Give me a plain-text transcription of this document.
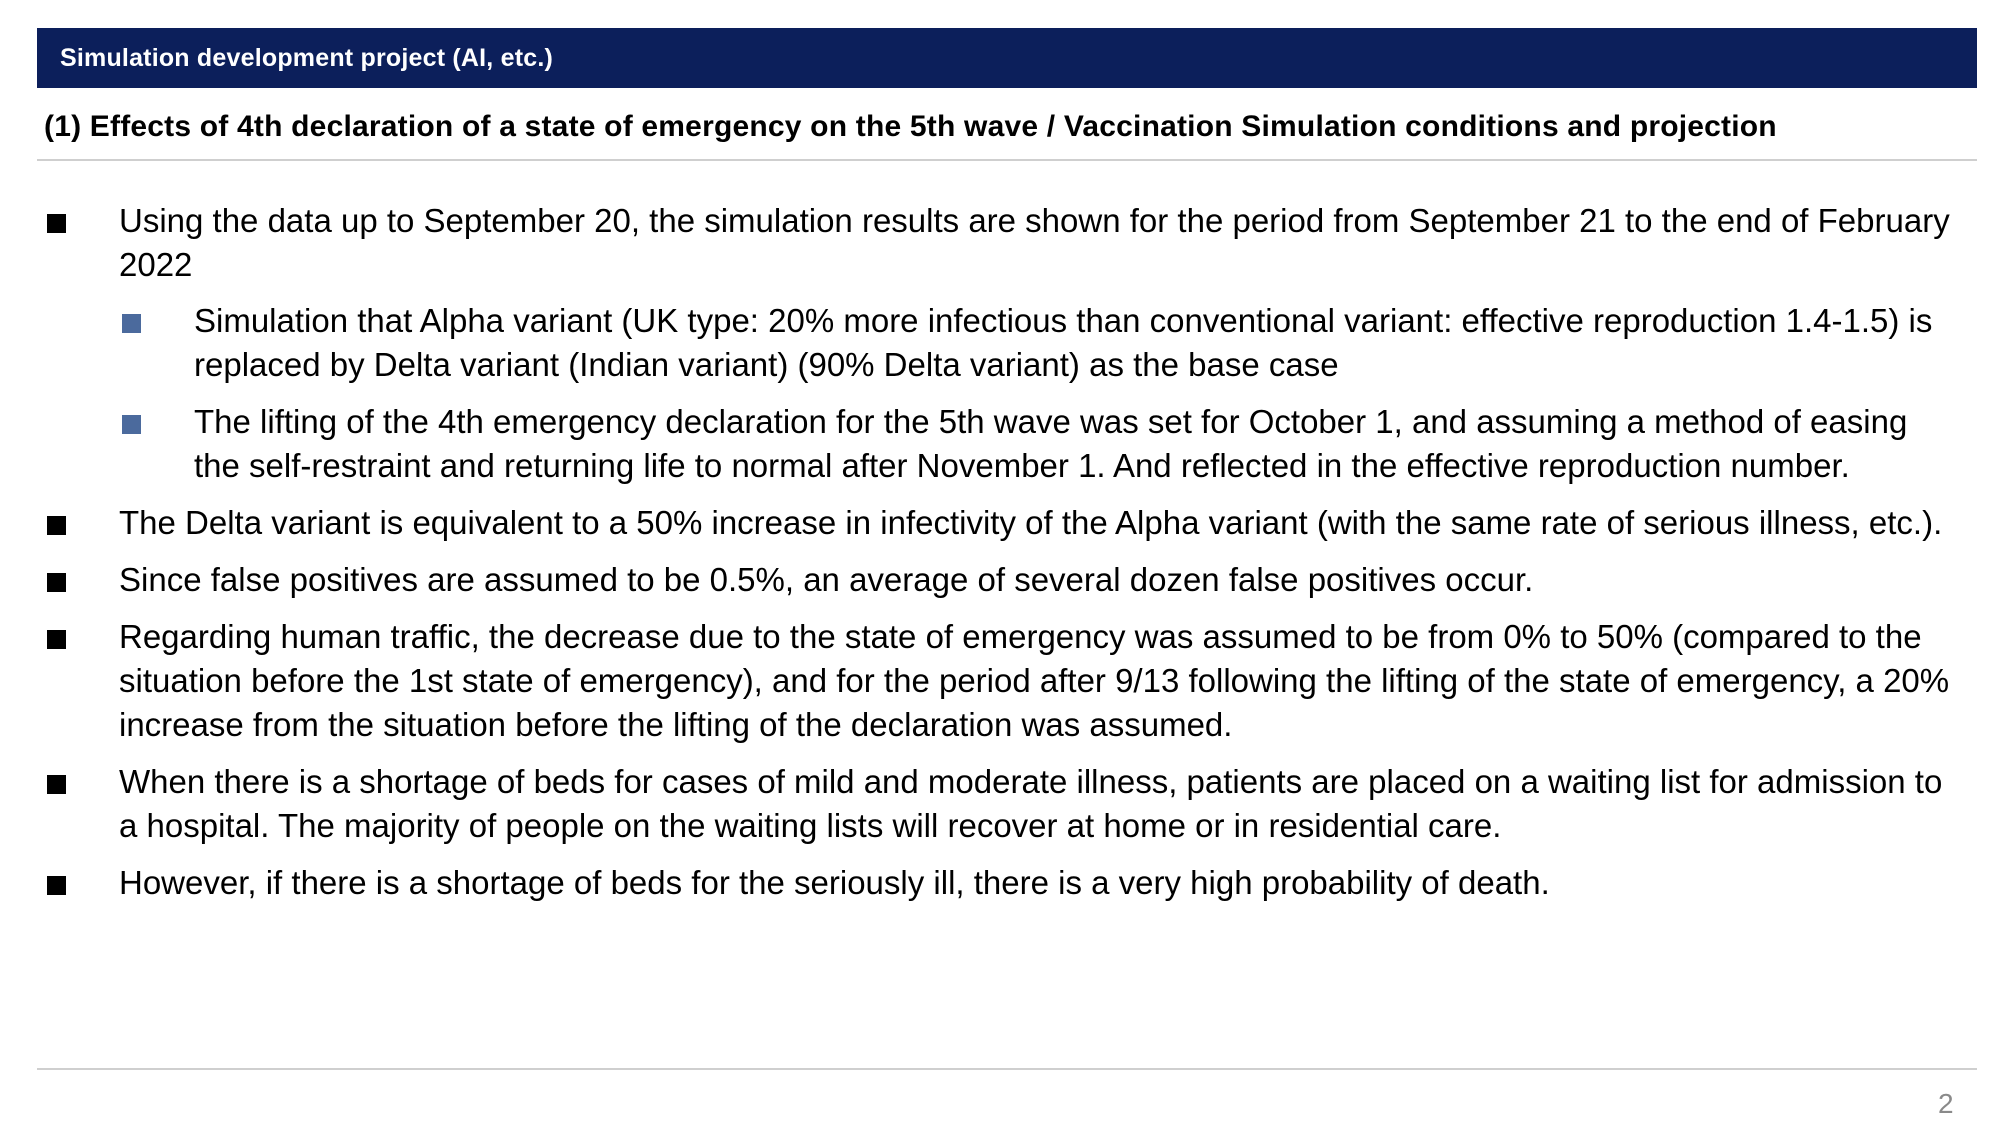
Simulation development project (AI, etc.)
(1) Effects of 4th declaration of a state of emergency on the 5th wave / Vaccination Simulation conditions and projection
Using the data up to September 20, the simulation results are shown for the period from September 21 to the end of February 2022
Simulation that Alpha variant (UK type: 20% more infectious than conventional variant: effective reproduction 1.4-1.5) is replaced by Delta variant (Indian variant) (90% Delta variant) as the base case
The lifting of the 4th emergency declaration for the 5th wave was set for October 1, and assuming a method of easing the self-restraint and returning life to normal after November 1. And reflected in the effective reproduction number.
The Delta variant is equivalent to a 50% increase in infectivity of the Alpha variant (with the same rate of serious illness, etc.).
Since false positives are assumed to be 0.5%, an average of several dozen false positives occur.
Regarding human traffic, the decrease due to the state of emergency was assumed to be from 0% to 50% (compared to the situation before the 1st state of emergency), and for the period after 9/13 following the lifting of the state of emergency, a 20% increase from the situation before the lifting of the declaration was assumed.
When there is a shortage of beds for cases of mild and moderate illness, patients are placed on a waiting list for admission to a hospital. The majority of people on the waiting lists will recover at home or in residential care.
However, if there is a shortage of beds for the seriously ill, there is a very high probability of death.
2
